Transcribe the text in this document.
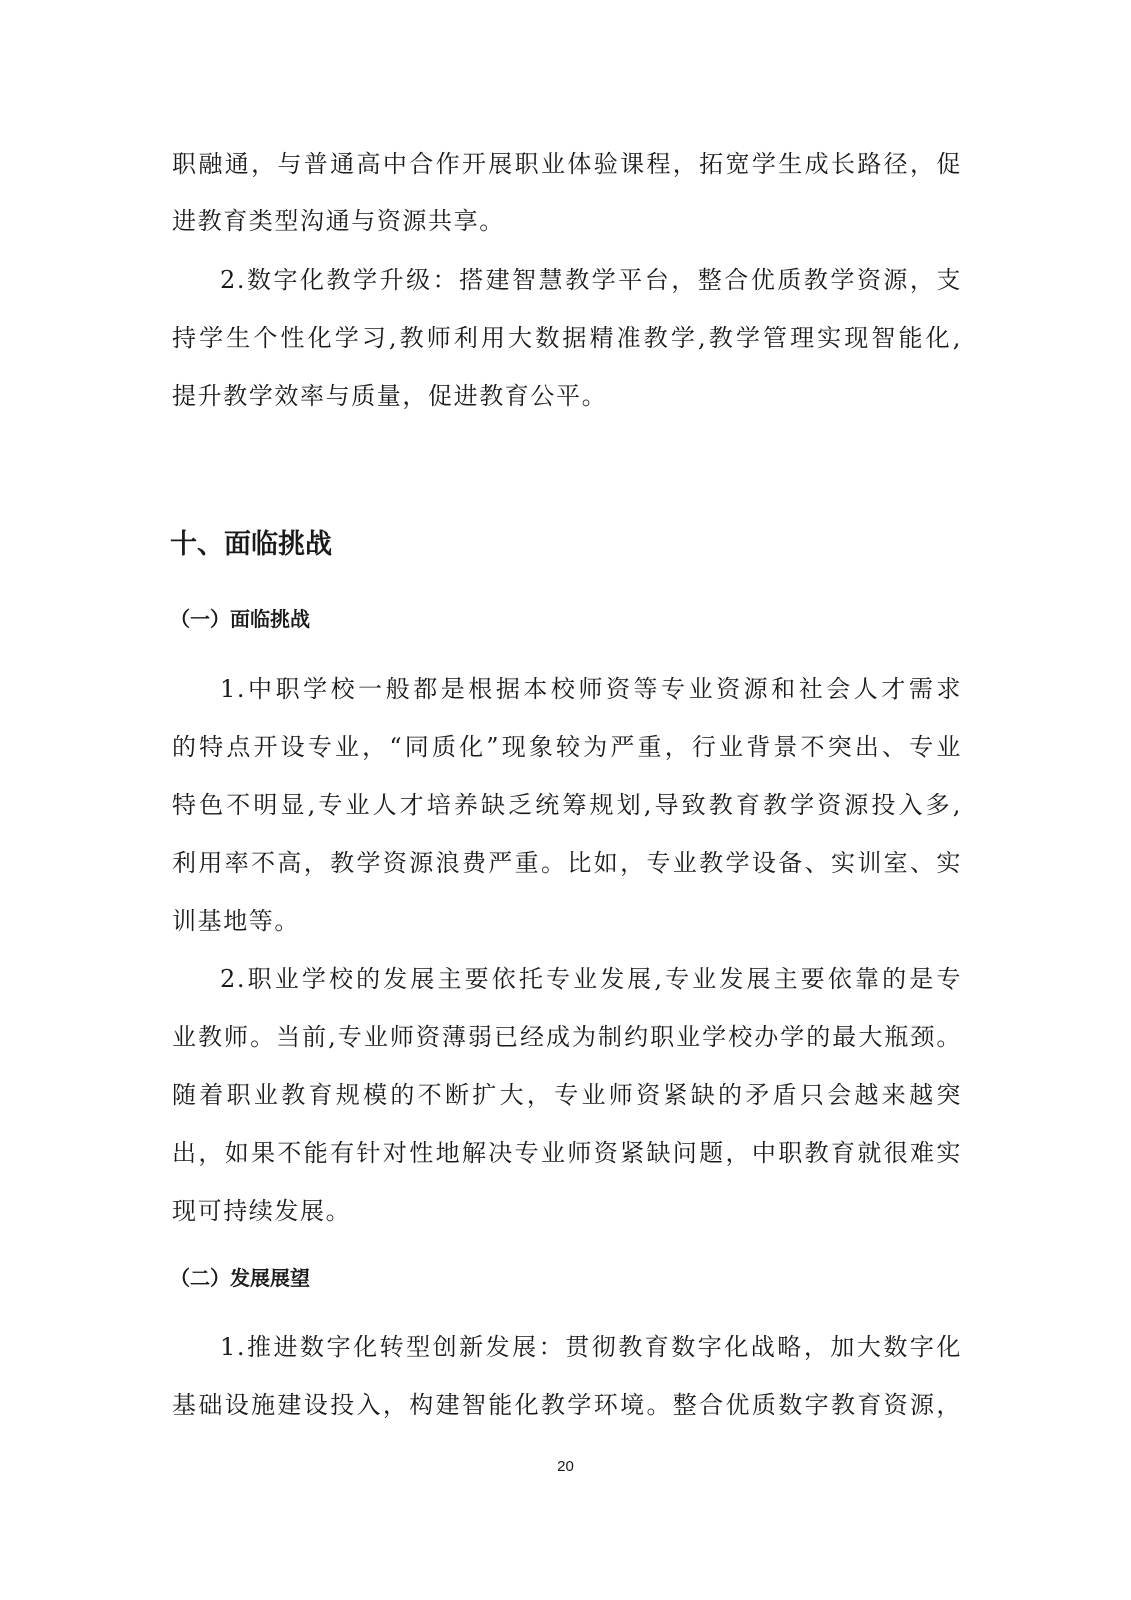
职融通，与普通高中合作开展职业体验课程，拓宽学生成长路径，促
进教育类型沟通与资源共享。
2.数字化教学升级：搭建智慧教学平台，整合优质教学资源，支
持学生个性化学习,教师利用大数据精准教学,教学管理实现智能化,
提升教学效率与质量，促进教育公平。
十、面临挑战
（一）面临挑战
1.中职学校一般都是根据本校师资等专业资源和社会人才需求
的特点开设专业，“同质化”现象较为严重，行业背景不突出、专业
特色不明显,专业人才培养缺乏统筹规划,导致教育教学资源投入多,
利用率不高，教学资源浪费严重。比如，专业教学设备、实训室、实
训基地等。
2.职业学校的发展主要依托专业发展,专业发展主要依靠的是专
业教师。当前,专业师资薄弱已经成为制约职业学校办学的最大瓶颈。
随着职业教育规模的不断扩大，专业师资紧缺的矛盾只会越来越突
出，如果不能有针对性地解决专业师资紧缺问题，中职教育就很难实
现可持续发展。
（二）发展展望
1.推进数字化转型创新发展：贯彻教育数字化战略，加大数字化
基础设施建设投入，构建智能化教学环境。整合优质数字教育资源，
20
